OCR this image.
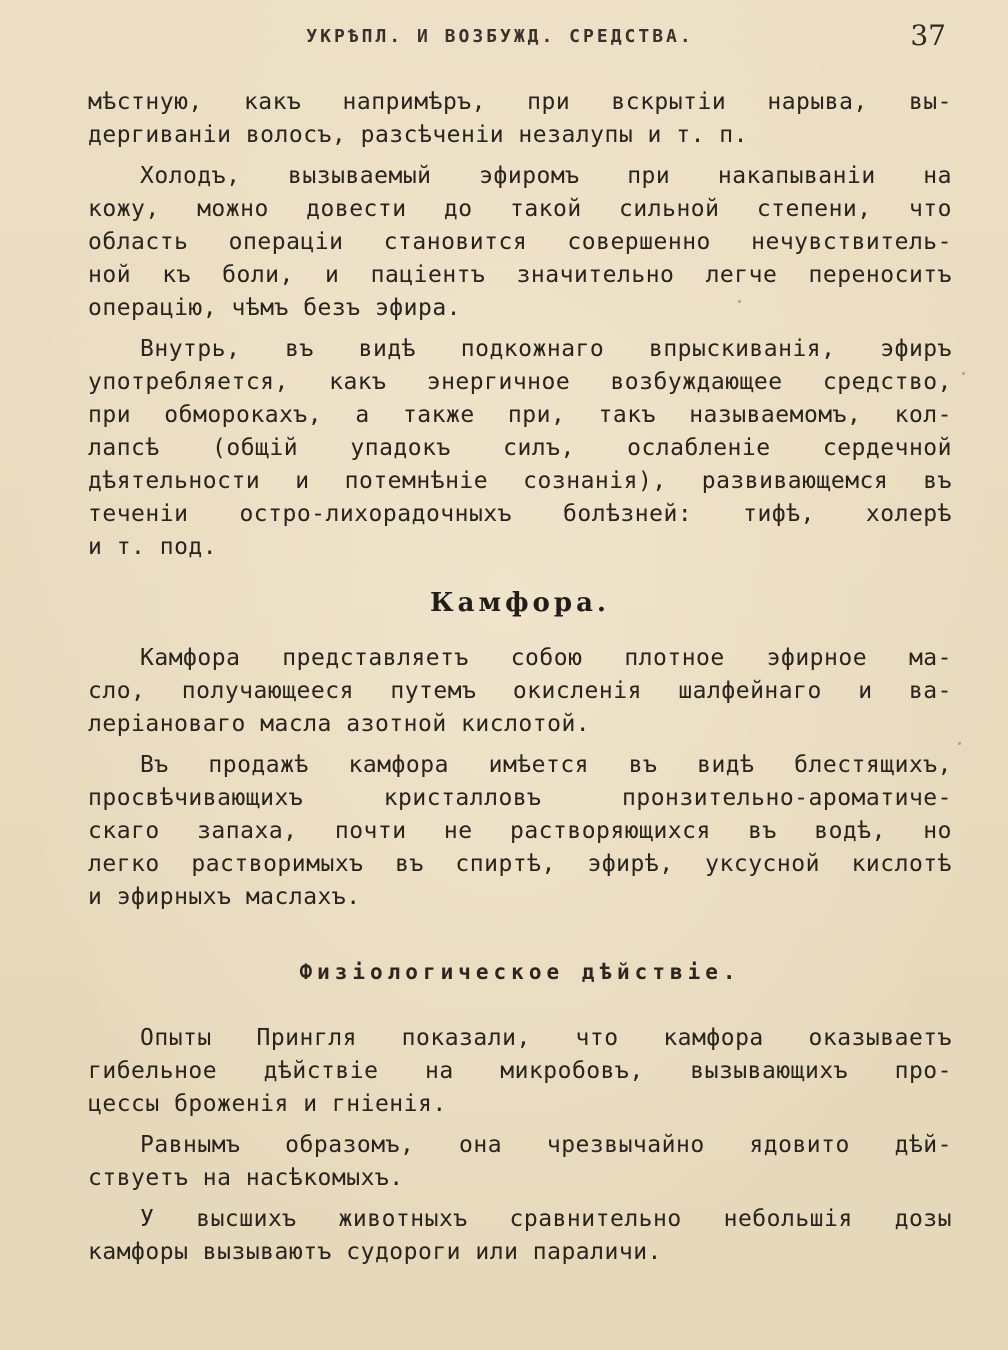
УКРѢПЛ. И ВОЗБУЖД. СРЕДСТВА.	37

мѣстную, какъ напримѣръ, при вскрытіи нарыва, вы-
дергиваніи волосъ, разсѣченіи незалупы и т. п.

Холодъ, вызываемый эфиромъ при накапываніи на
кожу, можно довести до такой сильной степени, что
область операціи становится совершенно нечувствитель-
ной къ боли, и паціентъ значительно легче переноситъ
операцію, чѣмъ безъ эфира.

Внутрь, въ видѣ подкожнаго впрыскиванія, эфиръ
употребляется, какъ энергичное возбуждающее средство,
при обморокахъ, а также при, такъ называемомъ, кол-
лапсѣ (общій упадокъ силъ, ослабленіе сердечной
дѣятельности и потемнѣніе сознанія), развивающемся въ
теченіи остро-лихорадочныхъ болѣзней: тифѣ, холерѣ
и т. под.

Камфора.

Камфора представляетъ собою плотное эфирное ма-
сло, получающееся путемъ окисленія шалфейнаго и ва-
леріановаго масла азотной кислотой.

Въ продажѣ камфора имѣется въ видѣ блестящихъ,
просвѣчивающихъ кристалловъ пронзительно-ароматиче-
скаго запаха, почти не растворяющихся въ водѣ, но
легко растворимыхъ въ спиртѣ, эфирѣ, уксусной кислотѣ
и эфирныхъ маслахъ.

Физіологическое дѣйствіе.

Опыты Прингля показали, что камфора оказываетъ
гибельное дѣйствіе на микробовъ, вызывающихъ про-
цессы броженія и гніенія.

Равнымъ образомъ, она чрезвычайно ядовито дѣй-
ствуетъ на насѣкомыхъ.

У высшихъ животныхъ сравнительно небольшія дозы
камфоры вызываютъ судороги или параличи.
